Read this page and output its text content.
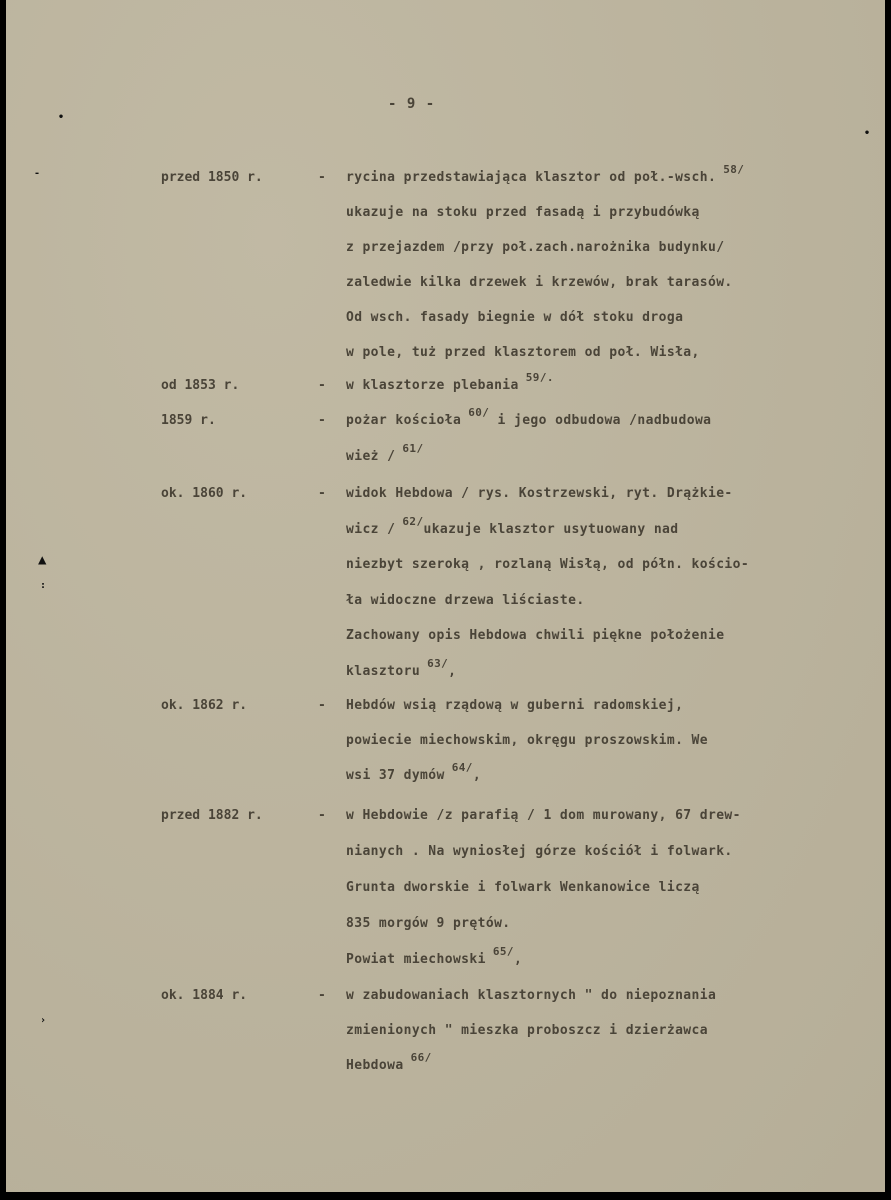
- 9 -
przed 1850 r.	- rycina przedstawiająca klasztor od poł.-wsch. $^{58/}$
ukazuje na stoku przed fasadą i przybudówką
z przejazdem /przy poł.zach.narożnika budynku/
zaledwie kilka drzewek i krzewów, brak tarasów.
Od wsch. fasady biegnie w dół stoku droga
w pole, tuż przed klasztorem od poł. Wisła,
od 1853 r.	- w klasztorze plebania $^{59/.}$
1859 r.	- pożar kościoła $^{60/}$ i jego odbudowa /nadbudowa
wież / $^{61/}$
ok. 1860 r.	- widok Hebdowa / rys. Kostrzewski, ryt. Drążkie-
wicz / $^{62/}$ukazuje klasztor usytuowany nad
niezbyt szeroką , rozlaną Wisłą, od półn. kościo-
ła widoczne drzewa liściaste.
Zachowany opis Hebdowa chwili piękne położenie
klasztoru $^{63/}$,
ok. 1862 r.	- Hebdów wsią rządową w guberni radomskiej,
powiecie miechowskim, okręgu proszowskim. We
wsi 37 dymów $^{64/}$,
przed 1882 r.	- w Hebdowie /z parafią / 1 dom murowany, 67 drew-
nianych . Na wyniosłej górze kościół i folwark.
Grunta dworskie i folwark Wenkanowice liczą
835 morgów 9 prętów.
Powiat miechowski $^{65/}$,
ok. 1884 r.	- w zabudowaniach klasztornych " do niepoznania
zmienionych " mieszka proboszcz i dzierżawca
Hebdowa $^{66/}$
•
-
▲
:
›
•
